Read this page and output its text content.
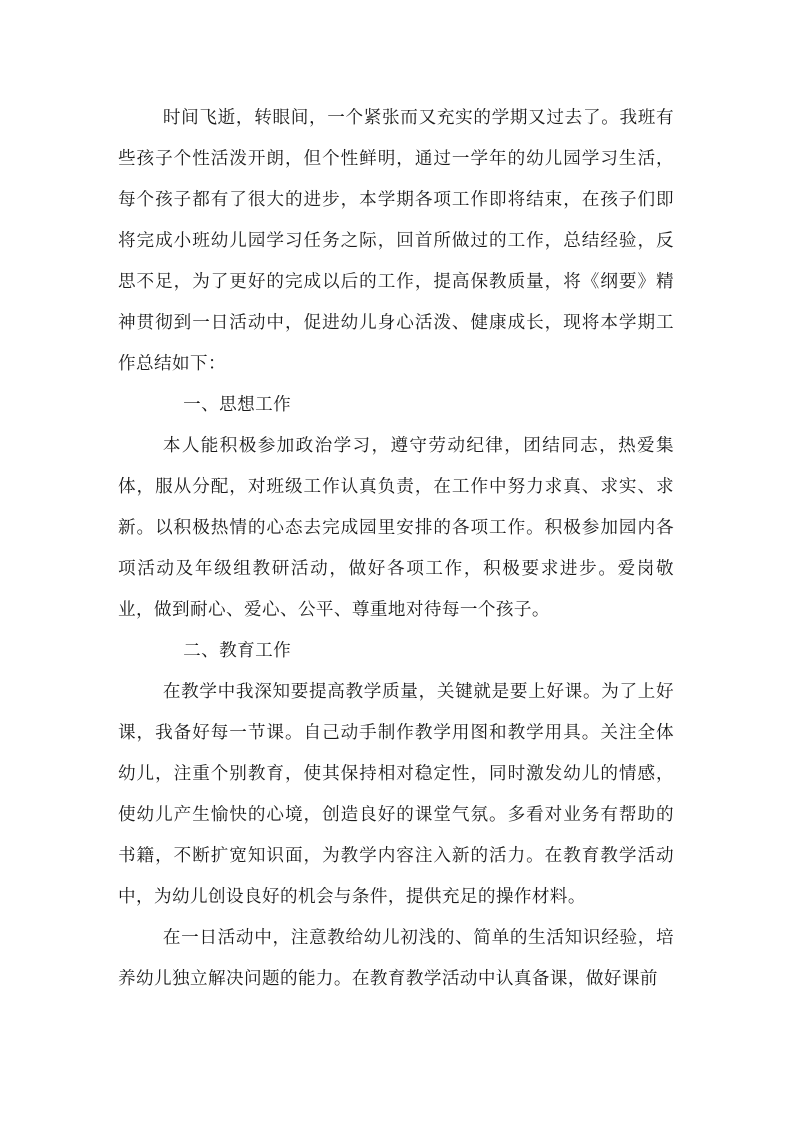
时间飞逝，转眼间，一个紧张而又充实的学期又过去了。我班有些孩子个性活泼开朗，但个性鲜明，通过一学年的幼儿园学习生活，每个孩子都有了很大的进步，本学期各项工作即将结束，在孩子们即将完成小班幼儿园学习任务之际，回首所做过的工作，总结经验，反思不足，为了更好的完成以后的工作，提高保教质量，将《纲要》精神贯彻到一日活动中，促进幼儿身心活泼、健康成长，现将本学期工作总结如下：

一、思想工作

本人能积极参加政治学习，遵守劳动纪律，团结同志，热爱集体，服从分配，对班级工作认真负责，在工作中努力求真、求实、求新。以积极热情的心态去完成园里安排的各项工作。积极参加园内各项活动及年级组教研活动，做好各项工作，积极要求进步。爱岗敬业，做到耐心、爱心、公平、尊重地对待每一个孩子。

二、教育工作

在教学中我深知要提高教学质量，关键就是要上好课。为了上好课，我备好每一节课。自己动手制作教学用图和教学用具。关注全体幼儿，注重个别教育，使其保持相对稳定性，同时激发幼儿的情感，使幼儿产生愉快的心境，创造良好的课堂气氛。多看对业务有帮助的书籍，不断扩宽知识面，为教学内容注入新的活力。在教育教学活动中，为幼儿创设良好的机会与条件，提供充足的操作材料。

在一日活动中，注意教给幼儿初浅的、简单的生活知识经验，培养幼儿独立解决问题的能力。在教育教学活动中认真备课，做好课前
